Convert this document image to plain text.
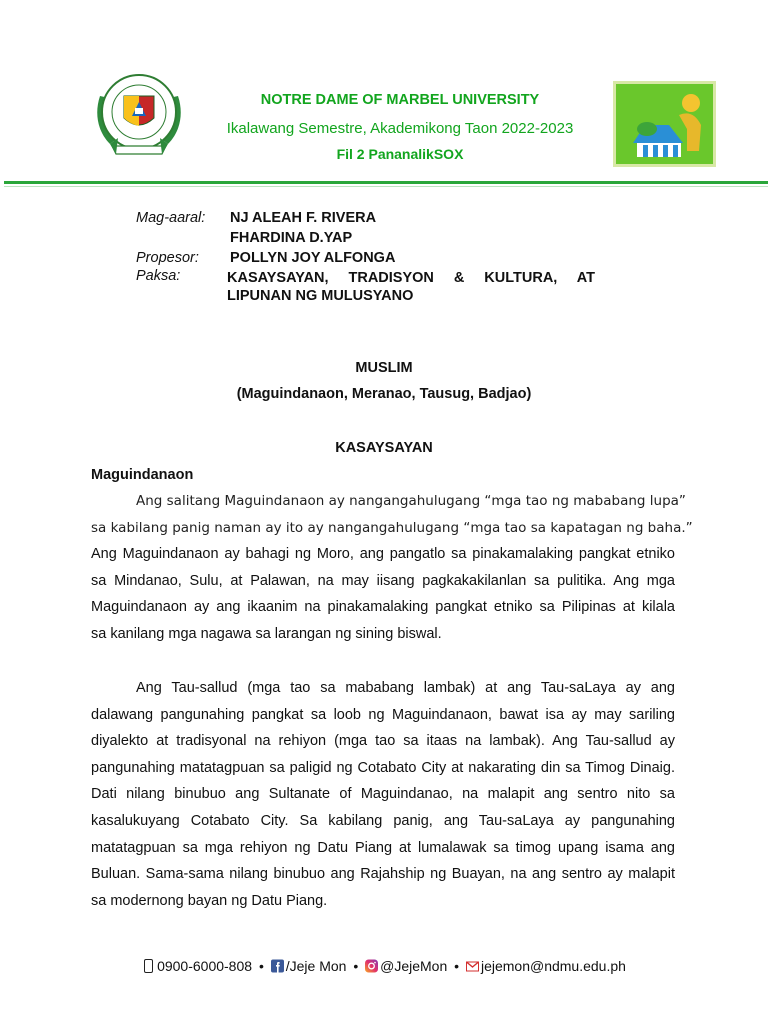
NOTRE DAME OF MARBEL UNIVERSITY
Ikalawang Semestre, Akademikong Taon 2022-2023
Fil 2 PananalikSOX
Mag-aaral: NJ ALEAH F. RIVERA
FHARDINA D.YAP
Propesor: POLLYN JOY ALFONGA
Paksa:	KASAYSAYAN, TRADISYON & KULTURA, AT
LIPUNAN NG MULUSYANO
MUSLIM
(Maguindanaon, Meranao, Tausug, Badjao)
KASAYSAYAN
Maguindanaon
Ang salitang Maguindanaon ay nangangahulugang “mga tao ng mababang lupa”
sa kabilang panig naman ay ito ay nangangahulugang “mga tao sa kapatagan ng baha.”
Ang Maguindanaon ay bahagi ng Moro, ang pangatlo sa pinakamalaking pangkat etniko
sa Mindanao, Sulu, at Palawan, na may iisang pagkakakilanlan sa pulitika. Ang mga
Maguindanaon ay ang ikaanim na pinakamalaking pangkat etniko sa Pilipinas at kilala
sa kanilang mga nagawa sa larangan ng sining biswal.
Ang Tau-sallud (mga tao sa mababang lambak) at ang Tau-saLaya ay ang
dalawang pangunahing pangkat sa loob ng Maguindanaon, bawat isa ay may sariling
diyalekto at tradisyonal na rehiyon (mga tao sa itaas na lambak). Ang Tau-sallud ay
pangunahing matatagpuan sa paligid ng Cotabato City at nakarating din sa Timog Dinaig.
Dati nilang binubuo ang Sultanate of Maguindanao, na malapit ang sentro nito sa
kasalukuyang Cotabato City. Sa kabilang panig, ang Tau-saLaya ay pangunahing
matatagpuan sa mga rehiyon ng Datu Piang at lumalawak sa timog upang isama ang
Buluan. Sama-sama nilang binubuo ang Rajahship ng Buayan, na ang sentro ay malapit
sa modernong bayan ng Datu Piang.
0900-6000-808 • /Jeje Mon • @JejeMon • jejemon@ndmu.edu.ph
